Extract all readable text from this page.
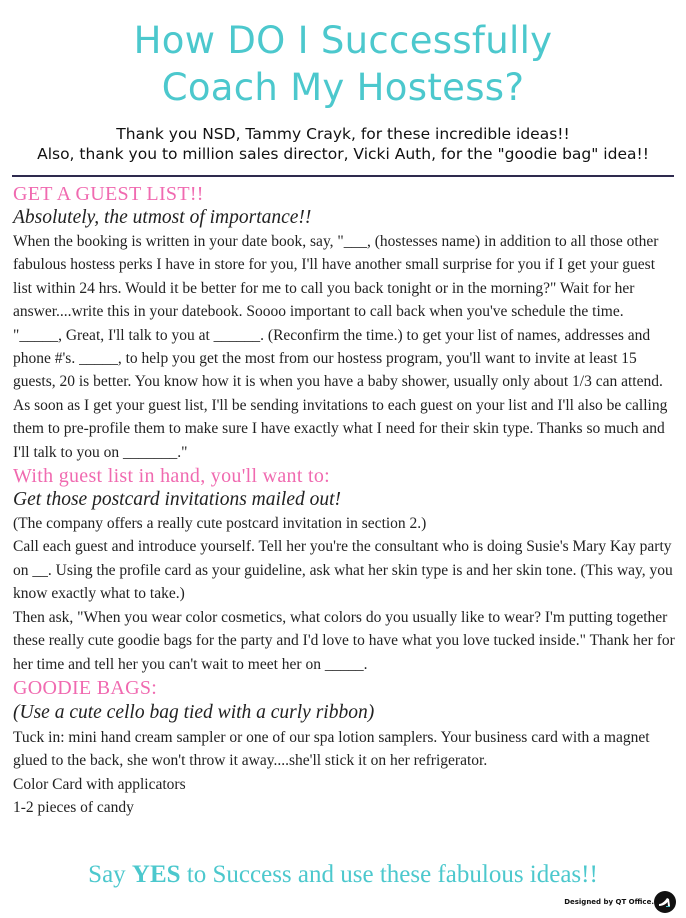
How DO I Successfully
Coach My Hostess?
Thank you NSD, Tammy Crayk, for these incredible ideas!!
Also, thank you to million sales director, Vicki Auth, for the "goodie bag" idea!!

GET A GUEST LIST!!

Absolutely, the utmost of importance!!

When the booking is written in your date book, say, "___, (hostesses name) in addition to all those other fabulous hostess perks I have in store for you, I'll have another small surprise for you if I get your guest list within 24 hrs. Would it be better for me to call you back tonight or in the morning?" Wait for her answer....write this in your datebook. Soooo important to call back when you've schedule the time.

"_____, Great, I'll talk to you at ______. (Reconfirm the time.) to get your list of names, addresses and phone #'s. _____, to help you get the most from our hostess program, you'll want to invite at least 15 guests, 20 is better. You know how it is when you have a baby shower, usually only about 1/3 can attend. As soon as I get your guest list, I'll be sending invitations to each guest on your list and I'll also be calling them to pre-profile them to make sure I have exactly what I need for their skin type. Thanks so much and I'll talk to you on _______."

With guest list in hand, you'll want to:

Get those postcard invitations mailed out!

(The company offers a really cute postcard invitation in section 2.)

Call each guest and introduce yourself. Tell her you're the consultant who is doing Susie's Mary Kay party on __. Using the profile card as your guideline, ask what her skin type is and her skin tone. (This way, you know exactly what to take.)

Then ask, "When you wear color cosmetics, what colors do you usually like to wear? I'm putting together these really cute goodie bags for the party and I'd love to have what you love tucked inside." Thank her for her time and tell her you can't wait to meet her on _____.

GOODIE BAGS:

(Use a cute cello bag tied with a curly ribbon)

Tuck in: mini hand cream sampler or one of our spa lotion samplers. Your business card with a magnet glued to the back, she won't throw it away....she'll stick it on her refrigerator.

Color Card with applicators

1-2 pieces of candy

Say YES to Success and use these fabulous ideas!!
Designed by QT Office.
